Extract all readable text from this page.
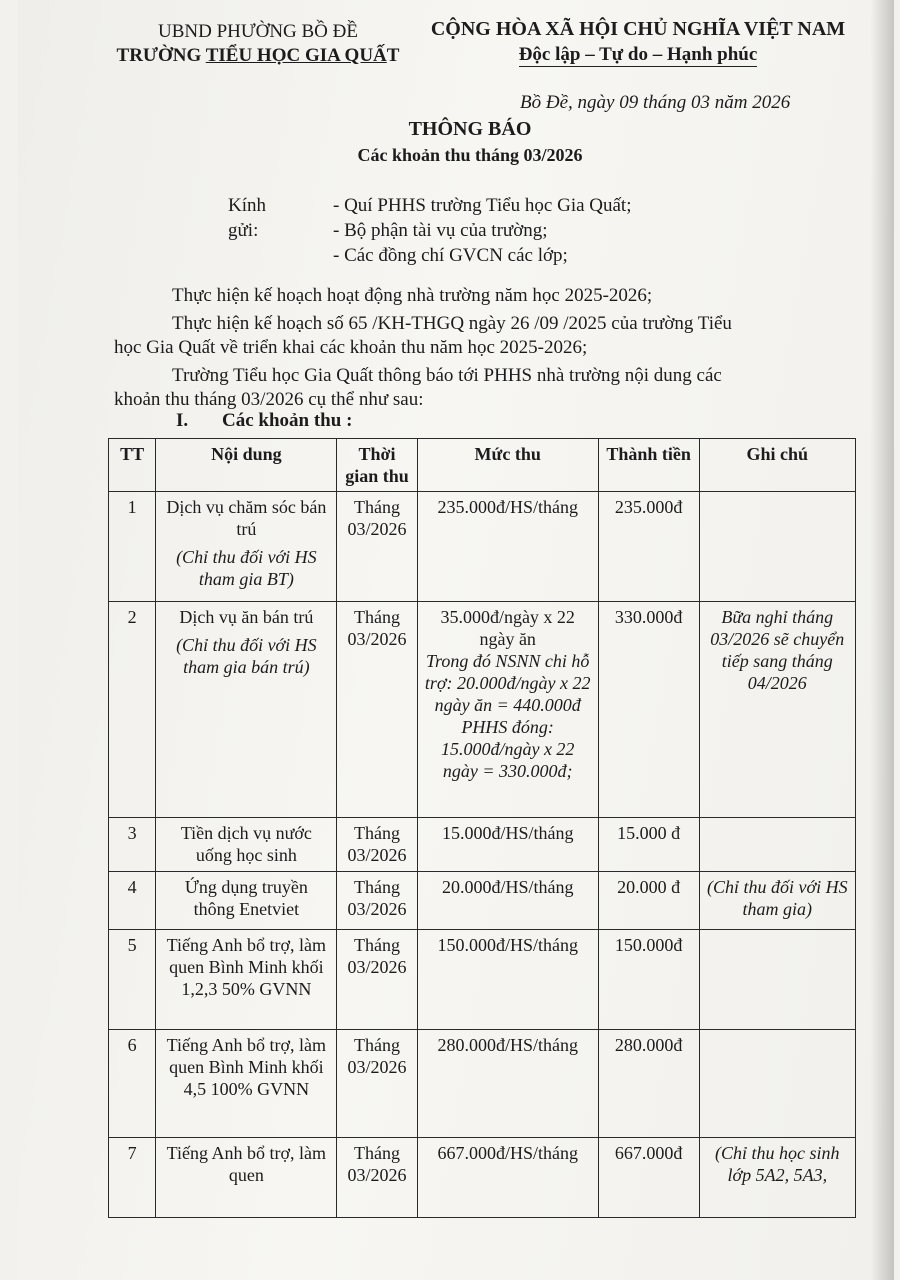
UBND PHƯỜNG BỒ ĐỀ
TRƯỜNG TIỂU HỌC GIA QUẤT
CỘNG HÒA XÃ HỘI CHỦ NGHĨA VIỆT NAM
Độc lập – Tự do – Hạnh phúc
Bồ Đề, ngày 09 tháng 03 năm 2026
THÔNG BÁO
Các khoản thu tháng 03/2026
Kính gửi:
- Quí PHHS trường Tiểu học Gia Quất;
- Bộ phận tài vụ của trường;
- Các đồng chí GVCN các lớp;
Thực hiện kế hoạch hoạt động nhà trường năm học 2025-2026;
Thực hiện kế hoạch số 65 /KH-THGQ ngày 26 /09 /2025 của trường Tiểu
học Gia Quất về triển khai các khoản thu năm học 2025-2026;
Trường Tiểu học Gia Quất thông báo tới PHHS nhà trường nội dung các
khoản thu tháng 03/2026 cụ thể như sau:
I. Các khoản thu :
TT	Nội dung	Thời gian thu	Mức thu	Thành tiền	Ghi chú
1	Dịch vụ chăm sóc bán trú
(Chỉ thu đối với HS tham gia BT)	Tháng 03/2026	235.000đ/HS/tháng	235.000đ	
2	Dịch vụ ăn bán trú
(Chỉ thu đối với HS tham gia bán trú)	Tháng 03/2026	35.000đ/ngày x 22 ngày ăn
Trong đó NSNN chi hỗ trợ: 20.000đ/ngày x 22 ngày ăn = 440.000đ
PHHS đóng: 15.000đ/ngày x 22 ngày = 330.000đ;	330.000đ	Bữa nghỉ tháng 03/2026 sẽ chuyển tiếp sang tháng 04/2026
3	Tiền dịch vụ nước uống học sinh	Tháng 03/2026	15.000đ/HS/tháng	15.000 đ	
4	Ứng dụng truyền thông Enetviet	Tháng 03/2026	20.000đ/HS/tháng	20.000 đ	(Chỉ thu đối với HS tham gia)
5	Tiếng Anh bổ trợ, làm quen Bình Minh khối 1,2,3 50% GVNN	Tháng 03/2026	150.000đ/HS/tháng	150.000đ	
6	Tiếng Anh bổ trợ, làm quen Bình Minh khối 4,5 100% GVNN	Tháng 03/2026	280.000đ/HS/tháng	280.000đ	
7	Tiếng Anh bổ trợ, làm quen	Tháng 03/2026	667.000đ/HS/tháng	667.000đ	(Chỉ thu học sinh lớp 5A2, 5A3,
